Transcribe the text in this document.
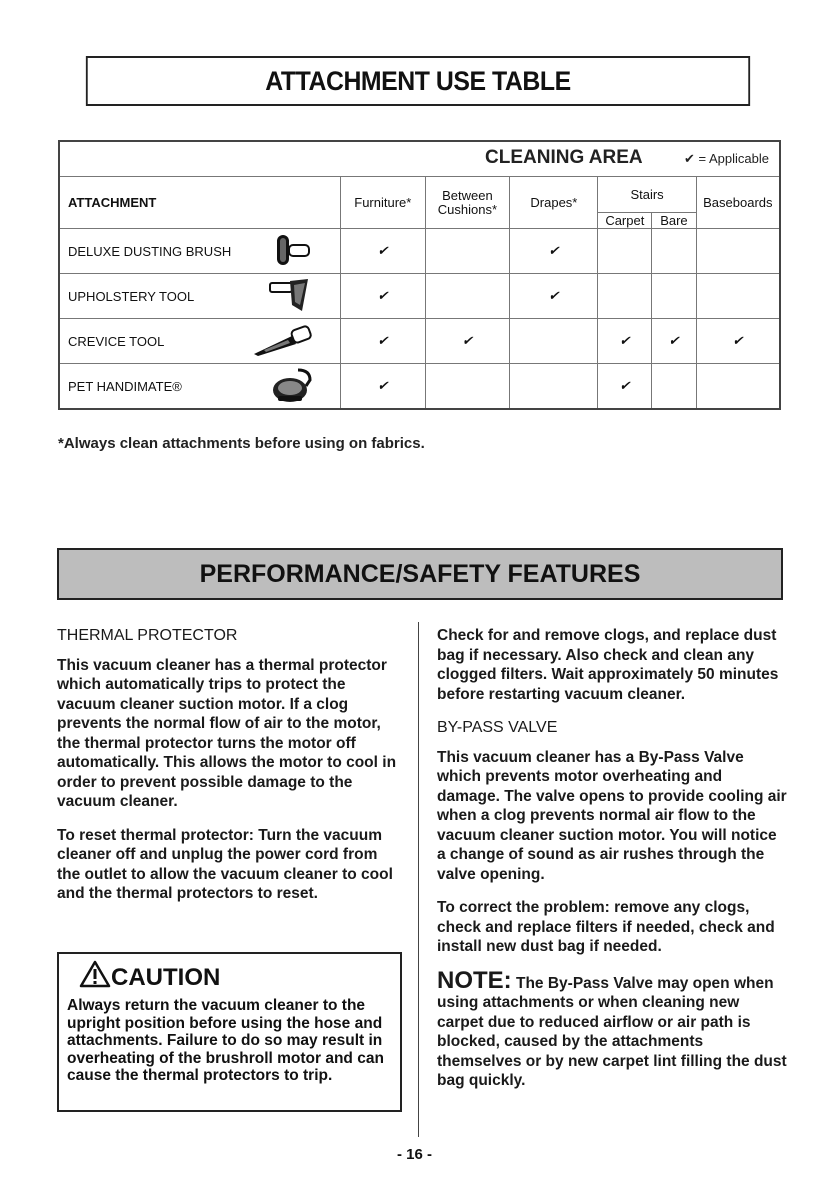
ATTACHMENT USE TABLE
CLEANING AREA ✔ = Applicable							

ATTACHMENT		Furniture*	Between Cushions*	Drapes*	Stairs		Baseboards
					Carpet	Bare	
DELUXE DUSTING BRUSH		✔		✔			
UPHOLSTERY TOOL		✔		✔			
CREVICE TOOL		✔	✔		✔	✔	✔
PET HANDIMATE®		✔			✔		
*Always clean attachments before using on fabrics.
PERFORMANCE/SAFETY FEATURES
THERMAL PROTECTOR

This vacuum cleaner has a thermal protector which automatically trips to protect the vacuum cleaner suction motor. If a clog prevents the normal flow of air to the motor, the thermal protector turns the motor off automatically. This allows the motor to cool in order to prevent possible damage to the vacuum cleaner.

To reset thermal protector: Turn the vacuum cleaner off and unplug the power cord from the outlet to allow the vacuum cleaner to cool and the thermal protectors to reset.

CAUTION
Always return the vacuum cleaner to the upright position before using the hose and attachments. Failure to do so may result in overheating of the brushroll motor and can cause the thermal protectors to trip.

Check for and remove clogs, and replace dust bag if necessary. Also check and clean any clogged filters. Wait approximately 50 minutes before restarting vacuum cleaner.

BY-PASS VALVE

This vacuum cleaner has a By-Pass Valve which prevents motor overheating and damage. The valve opens to provide cooling air when a clog prevents normal air flow to the vacuum cleaner suction motor. You will notice a change of sound as air rushes through the valve opening.

To correct the problem: remove any clogs, check and replace filters if needed, check and install new dust bag if needed.

NOTE: The By-Pass Valve may open when using attachments or when cleaning new carpet due to reduced airflow or air path is blocked, caused by the attachments themselves or by new carpet lint filling the dust bag quickly.

- 16 -
